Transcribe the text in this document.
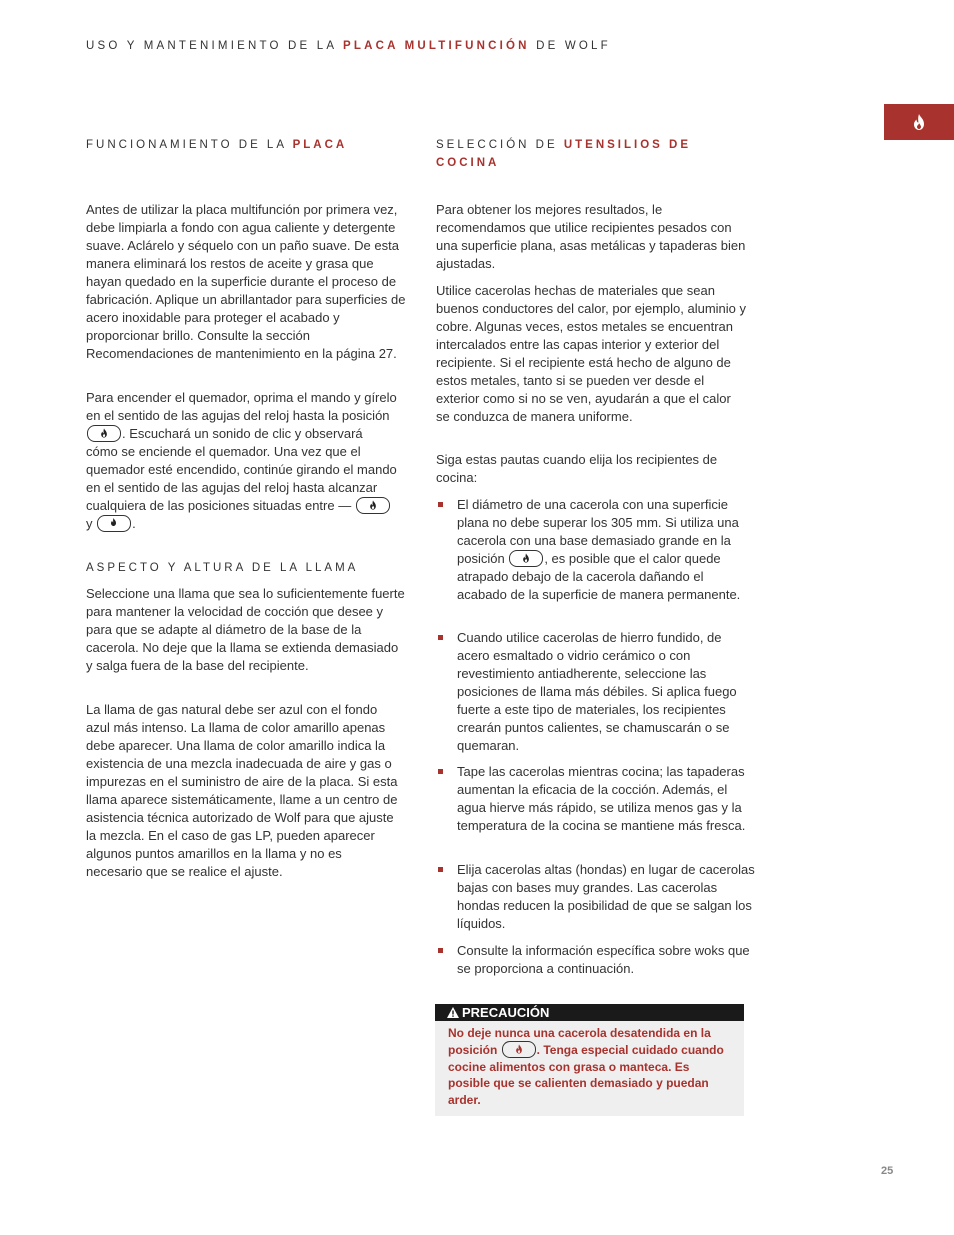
USO Y MANTENIMIENTO DE LA PLACA MULTIFUNCIÓN DE WOLF
FUNCIONAMIENTO DE LA PLACA

Antes de utilizar la placa multifunción por primera vez, debe limpiarla a fondo con agua caliente y detergente suave. Aclárelo y séquelo con un paño suave. De esta manera eliminará los restos de aceite y grasa que hayan quedado en la superficie durante el proceso de fabricación. Aplique un abrillantador para superficies de acero inoxidable para proteger el acabado y proporcionar brillo. Consulte la sección Recomendaciones de mantenimiento en la página 27.

Para encender el quemador, oprima el mando y gírelo en el sentido de las agujas del reloj hasta la posición
. Escuchará un sonido de clic y observará cómo se enciende el quemador. Una vez que el quemador esté encendido, continúe girando el mando en el sentido de las agujas del reloj hasta alcanzar cualquiera de las posiciones situadas entre —
y	.

ASPECTO Y ALTURA DE LA LLAMA

Seleccione una llama que sea lo suficientemente fuerte para mantener la velocidad de cocción que desee y para que se adapte al diámetro de la base de la cacerola. No deje que la llama se extienda demasiado y salga fuera de la base del recipiente.

La llama de gas natural debe ser azul con el fondo azul más intenso. La llama de color amarillo apenas debe aparecer. Una llama de color amarillo indica la existencia de una mezcla inadecuada de aire y gas o impurezas en el suministro de aire de la placa. Si esta llama aparece sistemáticamente, llame a un centro de asistencia técnica autorizado de Wolf para que ajuste la mezcla. En el caso de gas LP, pueden aparecer algunos puntos amarillos en la llama y no es necesario que se realice el ajuste.

SELECCIÓN DE UTENSILIOS DE
COCINA

Para obtener los mejores resultados, le recomendamos que utilice recipientes pesados con una superficie plana, asas metálicas y tapaderas bien ajustadas.

Utilice cacerolas hechas de materiales que sean buenos conductores del calor, por ejemplo, aluminio y cobre. Algunas veces, estos metales se encuentran intercalados entre las capas interior y exterior del recipiente. Si el recipiente está hecho de alguno de estos metales, tanto si se pueden ver desde el exterior como si no se ven, ayudarán a que el calor se conduzca de manera uniforme.

Siga estas pautas cuando elija los recipientes de cocina:

El diámetro de una cacerola con una superficie plana no debe superar los 305 mm. Si utiliza una cacerola con una base demasiado grande en la posición	, es posible que el calor quede atrapado debajo de la cacerola dañando el acabado de la superficie de manera permanente.
Cuando utilice cacerolas de hierro fundido, de acero esmaltado o vidrio cerámico o con revestimiento antiadherente, seleccione las posiciones de llama más débiles. Si aplica fuego fuerte a este tipo de materiales, los recipientes crearán puntos calientes, se chamuscarán o se quemaran.
Tape las cacerolas mientras cocina; las tapaderas aumentan la eficacia de la cocción. Además, el agua hierve más rápido, se utiliza menos gas y la temperatura de la cocina se mantiene más fresca.
Elija cacerolas altas (hondas) en lugar de cacerolas bajas con bases muy grandes. Las cacerolas hondas reducen la posibilidad de que se salgan los líquidos.
Consulte la información específica sobre woks que se proporciona a continuación.
PRECAUCIÓN
No deje nunca una cacerola desatendida en la posición	. Tenga especial cuidado cuando cocine alimentos con grasa o manteca. Es posible que se calienten demasiado y puedan arder.
25
